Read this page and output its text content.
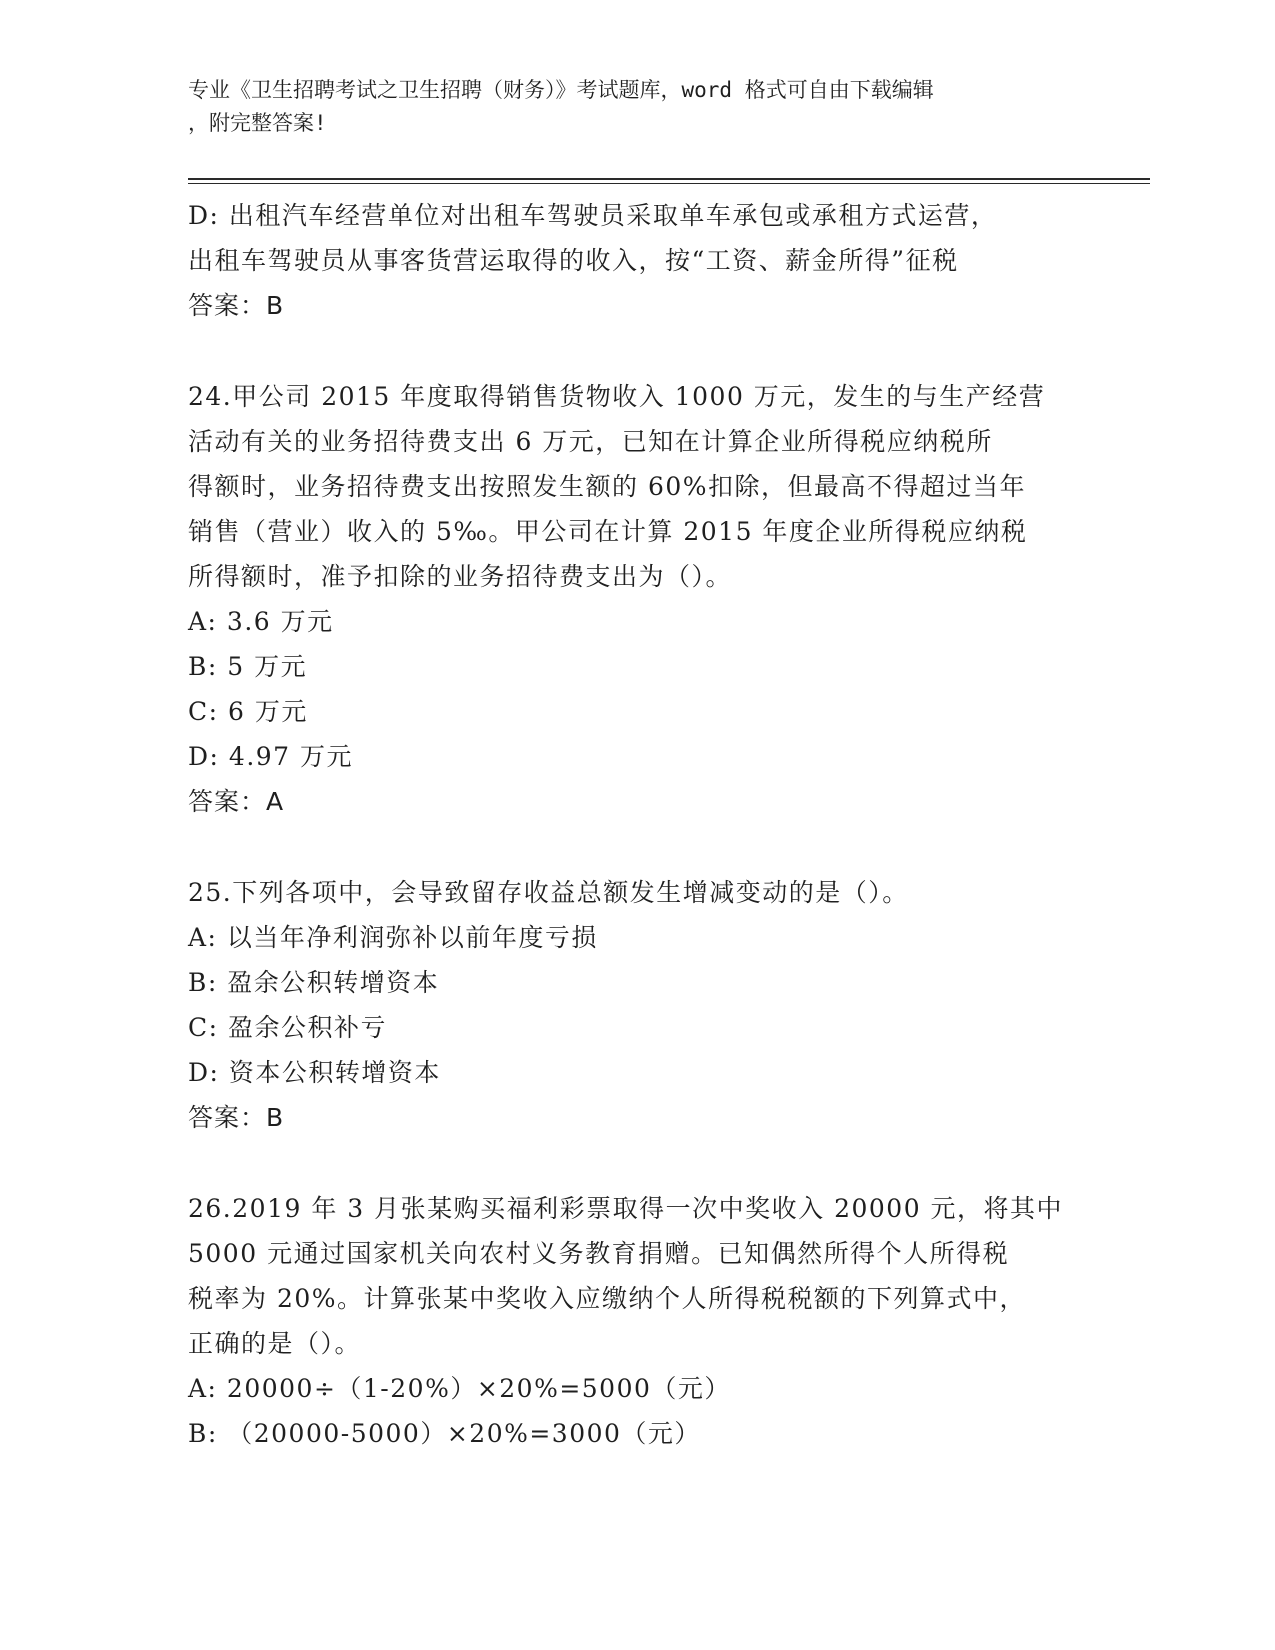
专业《卫生招聘考试之卫生招聘（财务）》考试题库，word 格式可自由下载编辑
，附完整答案!
D: 出租汽车经营单位对出租车驾驶员采取单车承包或承租方式运营，
出租车驾驶员从事客货营运取得的收入，按“工资、薪金所得”征税
答案：B
24.甲公司 2015 年度取得销售货物收入 1000 万元，发生的与生产经营
活动有关的业务招待费支出 6 万元，已知在计算企业所得税应纳税所
得额时，业务招待费支出按照发生额的 60%扣除，但最高不得超过当年
销售（营业）收入的 5‰。甲公司在计算 2015 年度企业所得税应纳税
所得额时，准予扣除的业务招待费支出为（）。
A: 3.6 万元
B: 5 万元
C: 6 万元
D: 4.97 万元
答案：A
25.下列各项中，会导致留存收益总额发生增减变动的是（）。
A: 以当年净利润弥补以前年度亏损
B: 盈余公积转增资本
C: 盈余公积补亏
D: 资本公积转增资本
答案：B
26.2019 年 3 月张某购买福利彩票取得一次中奖收入 20000 元，将其中
5000 元通过国家机关向农村义务教育捐赠。已知偶然所得个人所得税
税率为 20%。计算张某中奖收入应缴纳个人所得税税额的下列算式中，
正确的是（）。
A: 20000÷（1-20%）×20%=5000（元）
B: （20000-5000）×20%=3000（元）
